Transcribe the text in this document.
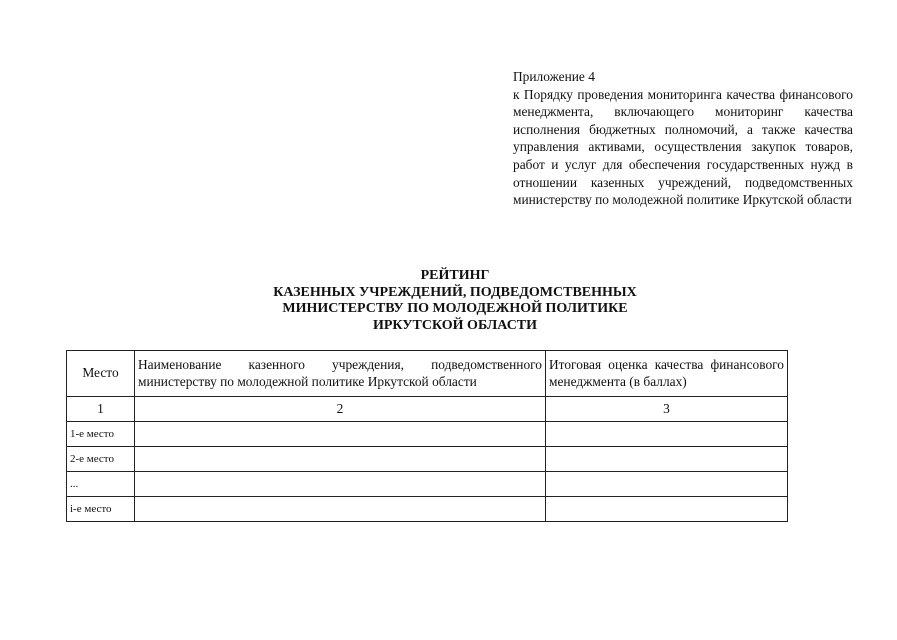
Приложение 4
к Порядку проведения мониторинга качества финансового менеджмента, включающего мониторинг качества исполнения бюджетных полномочий, а также качества управления активами, осуществления закупок товаров, работ и услуг для обеспечения государственных нужд в отношении казенных учреждений, подведомственных министерству по молодежной политике Иркутской области
РЕЙТИНГ
КАЗЕННЫХ УЧРЕЖДЕНИЙ, ПОДВЕДОМСТВЕННЫХ
МИНИСТЕРСТВУ ПО МОЛОДЕЖНОЙ ПОЛИТИКЕ
ИРКУТСКОЙ ОБЛАСТИ
Место	Наименование казенного учреждения, подведомственного министерству по молодежной политике Иркутской области	Итоговая оценка качества финансового менеджмента (в баллах)
1	2	3
1-е место		
2-е место		
...		
i-е место		
